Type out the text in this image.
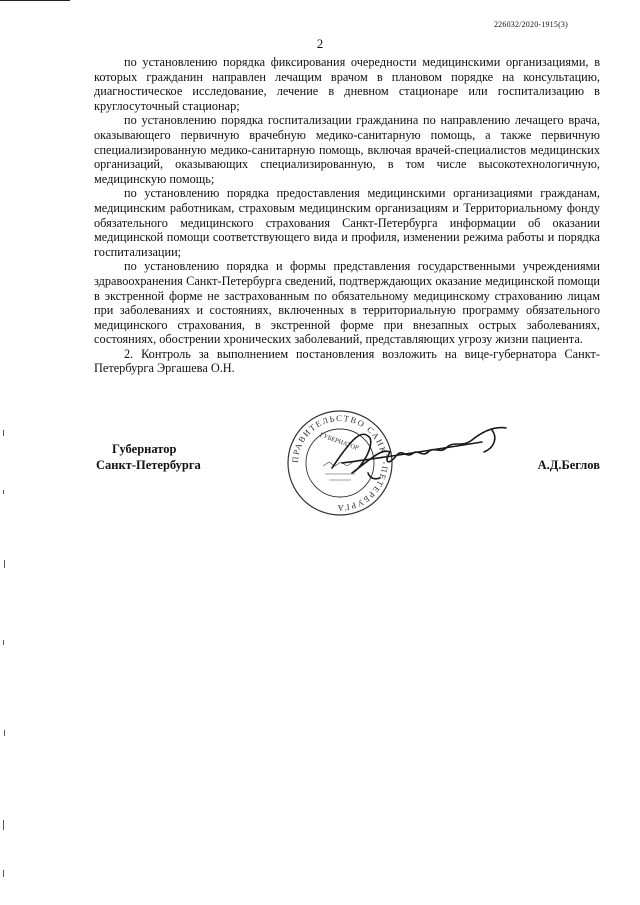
226032/2020-1915(3)
2

по установлению порядка фиксирования очередности медицинскими организациями, в которых гражданин направлен лечащим врачом в плановом порядке на консультацию, диагностическое исследование, лечение в дневном стационаре или госпитализацию в круглосуточный стационар;

по установлению порядка госпитализации гражданина по направлению лечащего врача, оказывающего первичную врачебную медико-санитарную помощь, а также первичную специализированную медико-санитарную помощь, включая врачей-специалистов медицинских организаций, оказывающих специализированную, в том числе высокотехнологичную, медицинскую помощь;

по установлению порядка предоставления медицинскими организациями гражданам, медицинским работникам, страховым медицинским организациям и Территориальному фонду обязательного медицинского страхования Санкт-Петербурга информации об оказании медицинской помощи соответствующего вида и профиля, изменении режима работы и порядка госпитализации;

по установлению порядка и формы представления государственными учреждениями здравоохранения Санкт-Петербурга сведений, подтверждающих оказание медицинской помощи в экстренной форме не застрахованным по обязательному медицинскому страхованию лицам при заболеваниях и состояниях, включенных в территориальную программу обязательного медицинского страхования, в экстренной форме при внезапных острых заболеваниях, состояниях, обострении хронических заболеваний, представляющих угрозу жизни пациента.

2. Контроль за выполнением постановления возложить на вице-губернатора Санкт-Петербурга Эргашева О.Н.

Губернатор
Санкт-Петербурга	ПРАВИТЕЛЬСТВО САНКТ-ПЕТЕРБУРГА
ГУБЕРНАТОР
А.Д.Беглов
